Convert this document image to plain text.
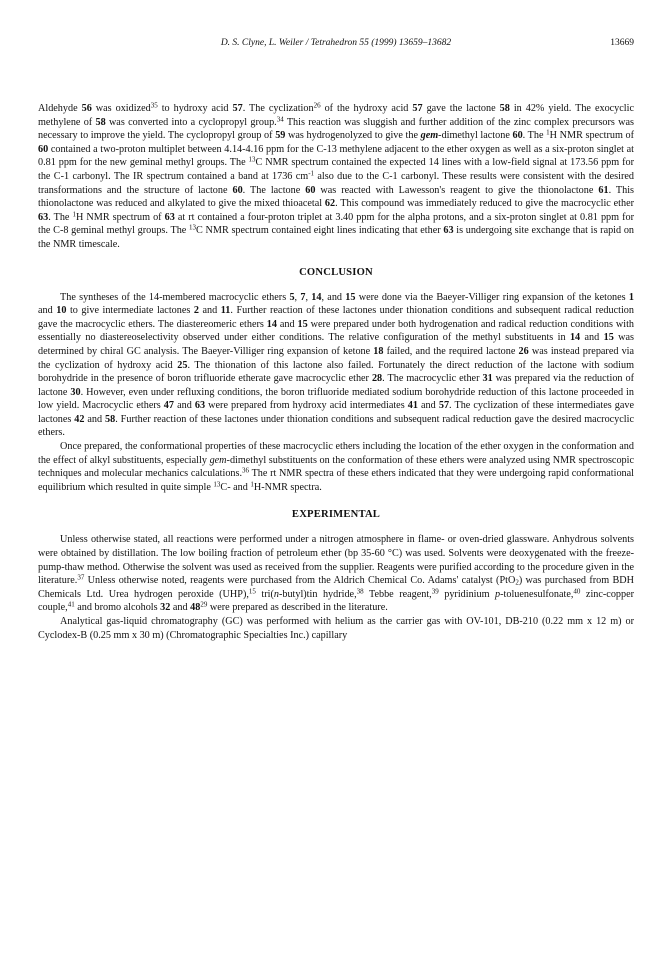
D. S. Clyne, L. Weiler / Tetrahedron 55 (1999) 13659–13682	13669

Aldehyde 56 was oxidized$^{35}$ to hydroxy acid 57. The cyclization$^{26}$ of the hydroxy acid 57 gave the lactone 58 in 42% yield. The exocyclic methylene of 58 was converted into a cyclopropyl group.$^{34}$ This reaction was sluggish and further addition of the zinc complex precursors was necessary to improve the yield. The cyclopropyl group of 59 was hydrogenolyzed to give the gem-dimethyl lactone 60. The $^1$H NMR spectrum of 60 contained a two-proton multiplet between 4.14-4.16 ppm for the C-13 methylene adjacent to the ether oxygen as well as a six-proton singlet at 0.81 ppm for the new geminal methyl groups. The $^{13}$C NMR spectrum contained the expected 14 lines with a low-field signal at 173.56 ppm for the C-1 carbonyl. The IR spectrum contained a band at 1736 $cm^{-1}$ also due to the C-1 carbonyl. These results were consistent with the desired transformations and the structure of lactone 60. The lactone 60 was reacted with Lawesson's reagent to give the thionolactone 61. This thionolactone was reduced and alkylated to give the mixed thioacetal 62. This compound was immediately reduced to give the macrocyclic ether 63. The $^1$H NMR spectrum of 63 at rt contained a four-proton triplet at 3.40 ppm for the alpha protons, and a six-proton singlet at 0.81 ppm for the C-8 geminal methyl groups. The $^{13}$C NMR spectrum contained eight lines indicating that ether 63 is undergoing site exchange that is rapid on the NMR timescale.

CONCLUSION

The syntheses of the 14-membered macrocyclic ethers 5, 7, 14, and 15 were done via the Baeyer-Villiger ring expansion of the ketones 1 and 10 to give intermediate lactones 2 and 11. Further reaction of these lactones under thionation conditions and subsequent radical reduction gave the macrocyclic ethers. The diastereomeric ethers 14 and 15 were prepared under both hydrogenation and radical reduction conditions with essentially no diastereoselectivity observed under either conditions. The relative configuration of the methyl substituents in 14 and 15 was determined by chiral GC analysis. The Baeyer-Villiger ring expansion of ketone 18 failed, and the required lactone 26 was instead prepared via the cyclization of hydroxy acid 25. The thionation of this lactone also failed. Fortunately the direct reduction of the lactone with sodium borohydride in the presence of boron trifluoride etherate gave macrocyclic ether 28. The macrocyclic ether 31 was prepared via the reduction of lactone 30. However, even under refluxing conditions, the boron trifluoride mediated sodium borohydride reduction of this lactone proceeded in low yield. Macrocyclic ethers 47 and 63 were prepared from hydroxy acid intermediates 41 and 57. The cyclization of these intermediates gave lactones 42 and 58. Further reaction of these lactones under thionation conditions and subsequent radical reduction gave the desired macrocyclic ethers.

Once prepared, the conformational properties of these macrocyclic ethers including the location of the ether oxygen in the conformation and the effect of alkyl substituents, especially gem-dimethyl substituents on the conformation of these ethers were analyzed using NMR spectroscopic techniques and molecular mechanics calculations.$^{36}$ The rt NMR spectra of these ethers indicated that they were undergoing rapid conformational equilibrium which resulted in quite simple $^{13}$C- and $^1$H-NMR spectra.

EXPERIMENTAL

Unless otherwise stated, all reactions were performed under a nitrogen atmosphere in flame- or oven-dried glassware. Anhydrous solvents were obtained by distillation. The low boiling fraction of petroleum ether (bp 35-60 °C) was used. Solvents were deoxygenated with the freeze-pump-thaw method. Otherwise the solvent was used as received from the supplier. Reagents were purified according to the procedure given in the literature.$^{37}$ Unless otherwise noted, reagents were purchased from the Aldrich Chemical Co. Adams' catalyst (PtO$_2$) was purchased from BDH Chemicals Ltd. Urea hydrogen peroxide (UHP),$^{15}$ tri(n-butyl)tin hydride,$^{38}$ Tebbe reagent,$^{39}$ pyridinium p-toluenesulfonate,$^{40}$ zinc-copper couple,$^{41}$ and bromo alcohols 32 and $48^{29}$ were prepared as described in the literature.

Analytical gas-liquid chromatography (GC) was performed with helium as the carrier gas with OV-101, DB-210 (0.22 mm x 12 m) or Cyclodex-B (0.25 mm x 30 m) (Chromatographic Specialties Inc.) capillary
